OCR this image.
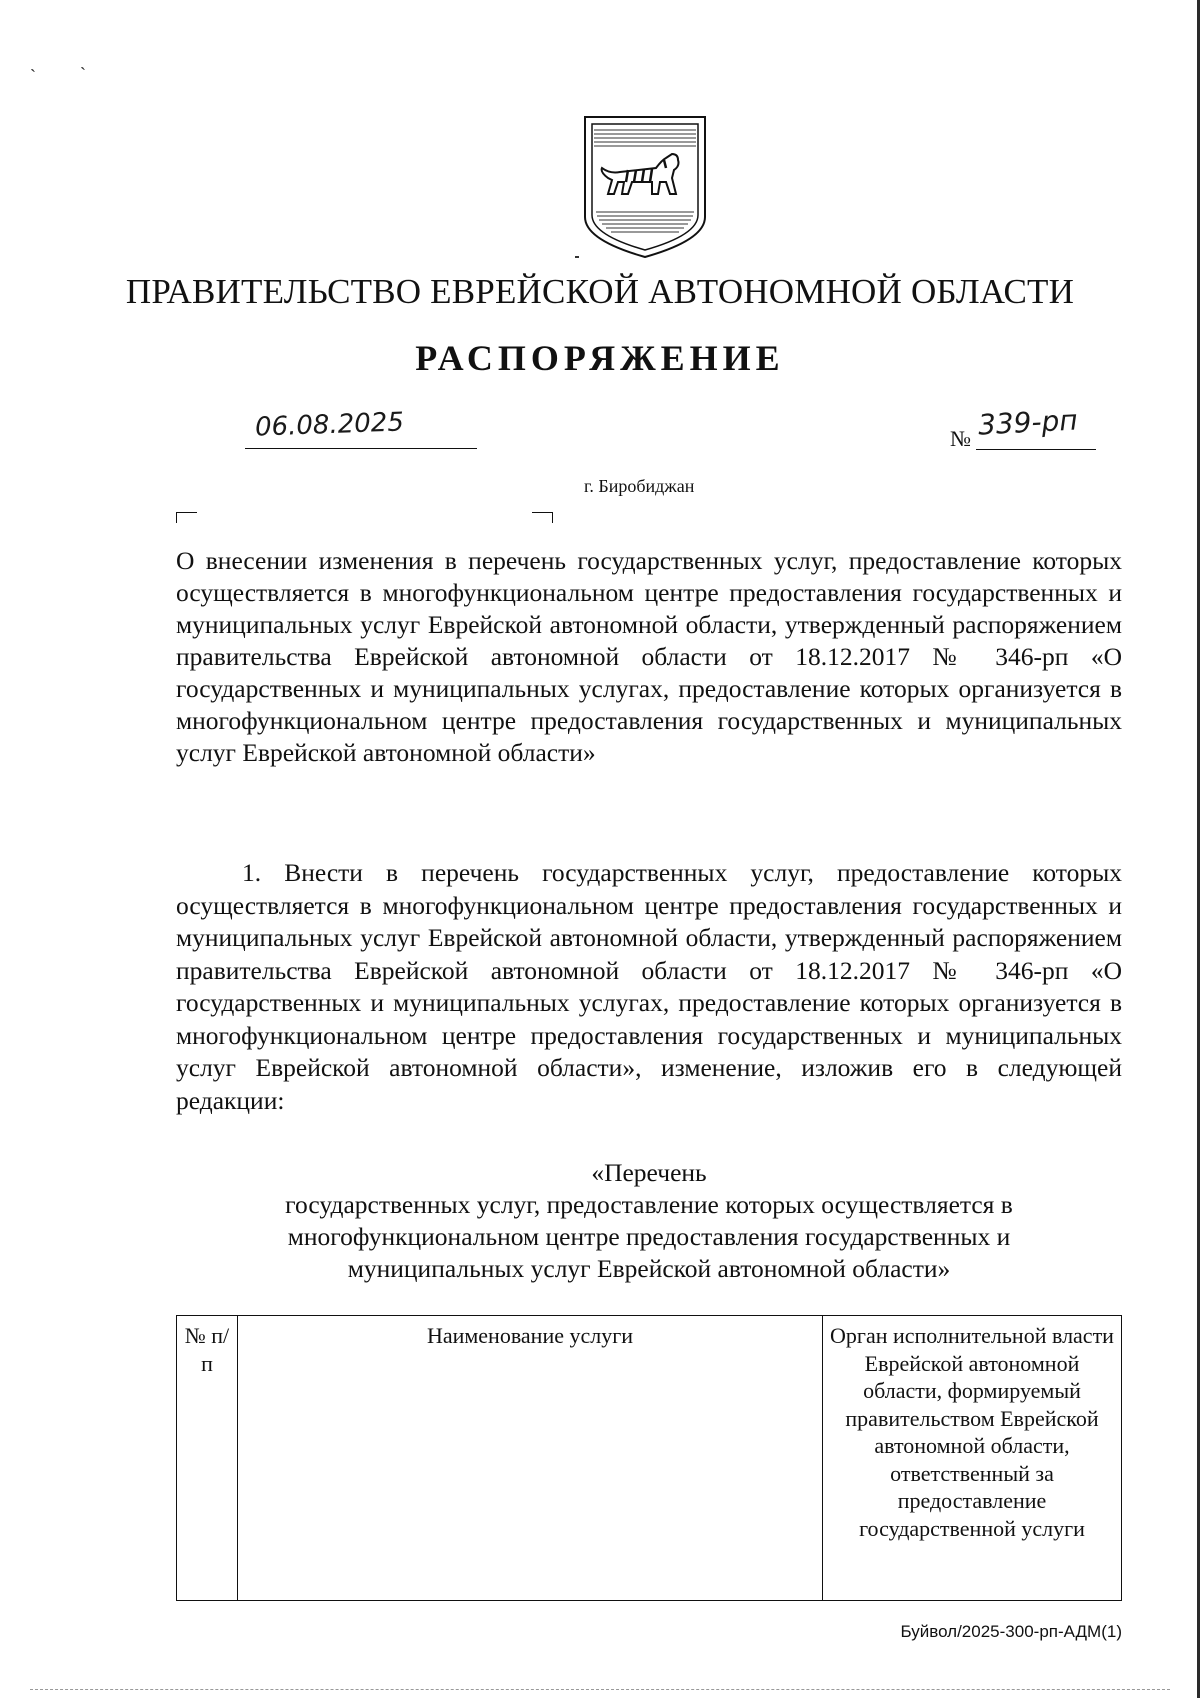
ˎ ˏ
ПРАВИТЕЛЬСТВО ЕВРЕЙСКОЙ АВТОНОМНОЙ ОБЛАСТИ
РАСПОРЯЖЕНИЕ
06.08.2025	№ 339-рп
г. Биробиджан
О внесении изменения в перечень государственных услуг, предоставление которых осуществляется в многофункциональном центре предоставления государственных и муниципальных услуг Еврейской автономной области, утвержденный распоряжением правительства Еврейской автономной области от 18.12.2017 № 346-рп «О государственных и муниципальных услугах, предоставление которых организуется в многофункциональном центре предоставления государственных и муниципальных услуг Еврейской автономной области»
1. Внести в перечень государственных услуг, предоставление которых осуществляется в многофункциональном центре предоставления государственных и муниципальных услуг Еврейской автономной области, утвержденный распоряжением правительства Еврейской автономной области от 18.12.2017 № 346-рп «О государственных и муниципальных услугах, предоставление которых организуется в многофункциональном центре предоставления государственных и муниципальных услуг Еврейской автономной области», изменение, изложив его в следующей редакции:
«Перечень
государственных услуг, предоставление которых осуществляется в
многофункциональном центре предоставления государственных и
муниципальных услуг Еврейской автономной области»
№ п/п	Наименование услуги	Орган исполнительной власти Еврейской автономной области, формируемый правительством Еврейской автономной области, ответственный за предоставление государственной услуги
Буйвол/2025-300-рп-АДМ(1)
